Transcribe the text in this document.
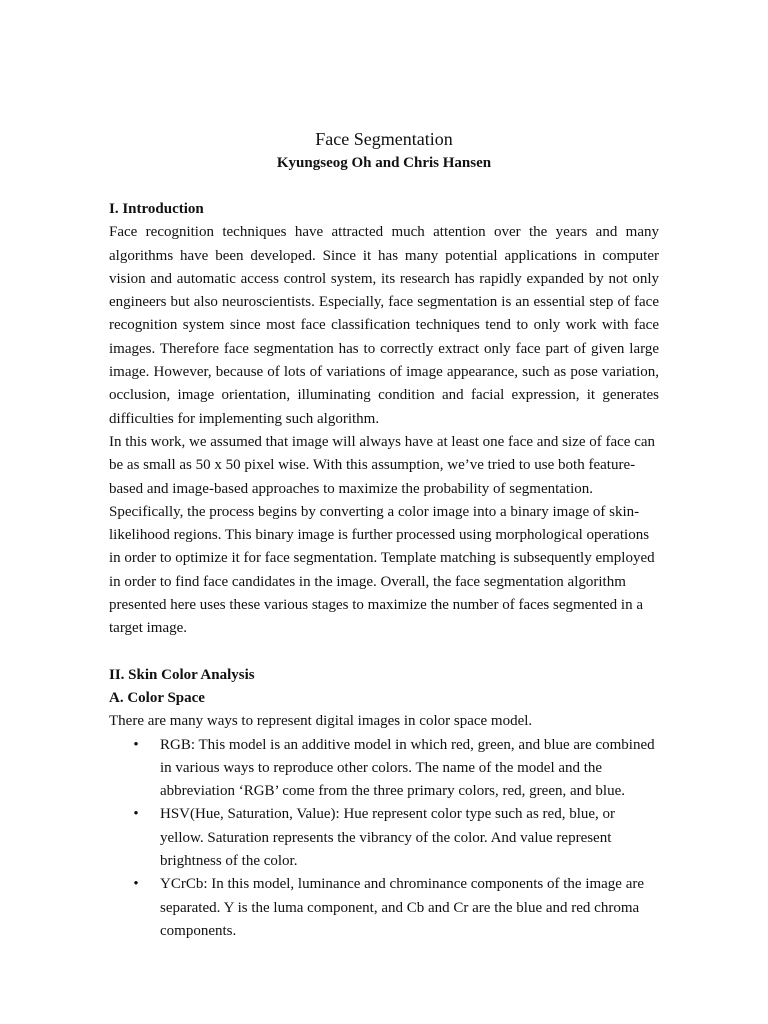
Face Segmentation
Kyungseog Oh and Chris Hansen
I. Introduction

Face recognition techniques have attracted much attention over the years and many algorithms have been developed. Since it has many potential applications in computer vision and automatic access control system, its research has rapidly expanded by not only engineers but also neuroscientists. Especially, face segmentation is an essential step of face recognition system since most face classification techniques tend to only work with face images. Therefore face segmentation has to correctly extract only face part of given large image. However, because of lots of variations of image appearance, such as pose variation, occlusion, image orientation, illuminating condition and facial expression, it generates difficulties for implementing such algorithm.

In this work, we assumed that image will always have at least one face and size of face can be as small as 50 x 50 pixel wise. With this assumption, we’ve tried to use both feature-based and image-based approaches to maximize the probability of segmentation. Specifically, the process begins by converting a color image into a binary image of skin-likelihood regions. This binary image is further processed using morphological operations in order to optimize it for face segmentation. Template matching is subsequently employed in order to find face candidates in the image. Overall, the face segmentation algorithm presented here uses these various stages to maximize the number of faces segmented in a target image.

II. Skin Color Analysis
A. Color Space

There are many ways to represent digital images in color space model.

• RGB: This model is an additive model in which red, green, and blue are combined in various ways to reproduce other colors. The name of the model and the abbreviation ‘RGB’ come from the three primary colors, red, green, and blue.
• HSV(Hue, Saturation, Value): Hue represent color type such as red, blue, or yellow. Saturation represents the vibrancy of the color. And value represent brightness of the color.
• YCrCb: In this model, luminance and chrominance components of the image are separated. Y is the luma component, and Cb and Cr are the blue and red chroma components.
